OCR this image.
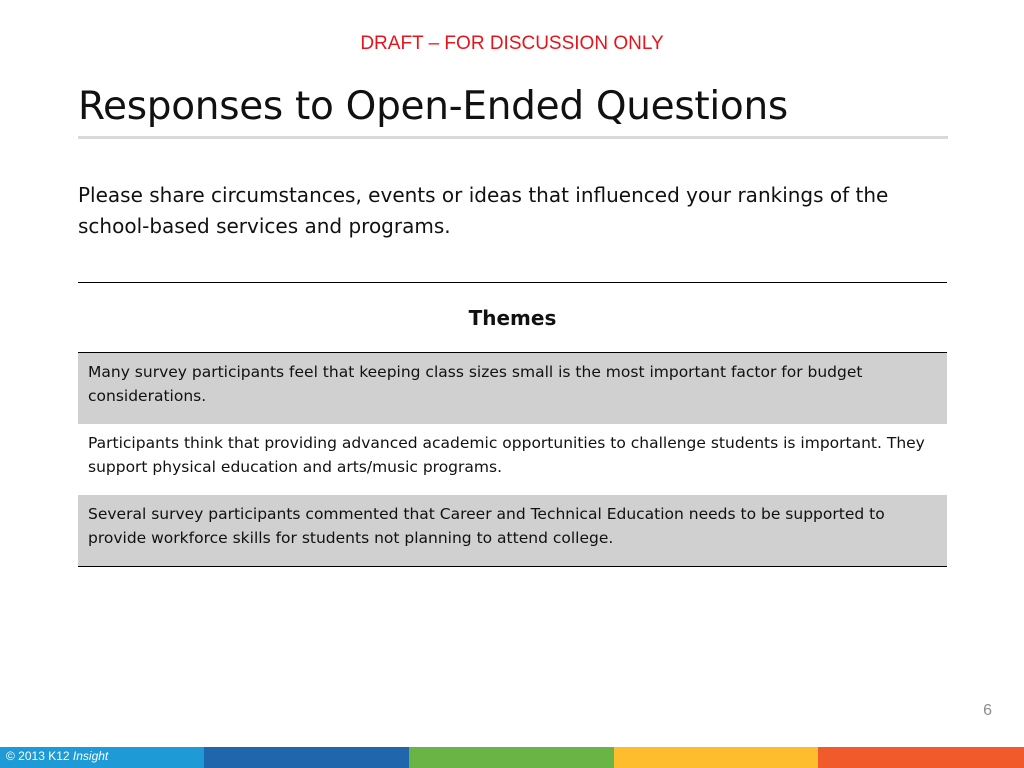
DRAFT – FOR DISCUSSION ONLY
Responses to Open-Ended Questions
Please share circumstances, events or ideas that influenced your rankings of the school-based services and programs.
Themes
Many survey participants feel that keeping class sizes small is the most important factor for budget considerations.
Participants think that providing advanced academic opportunities to challenge students is important. They support physical education and arts/music programs.
Several survey participants commented that Career and Technical Education needs to be supported to provide workforce skills for students not planning to attend college.
6
© 2013 K12 Insight
